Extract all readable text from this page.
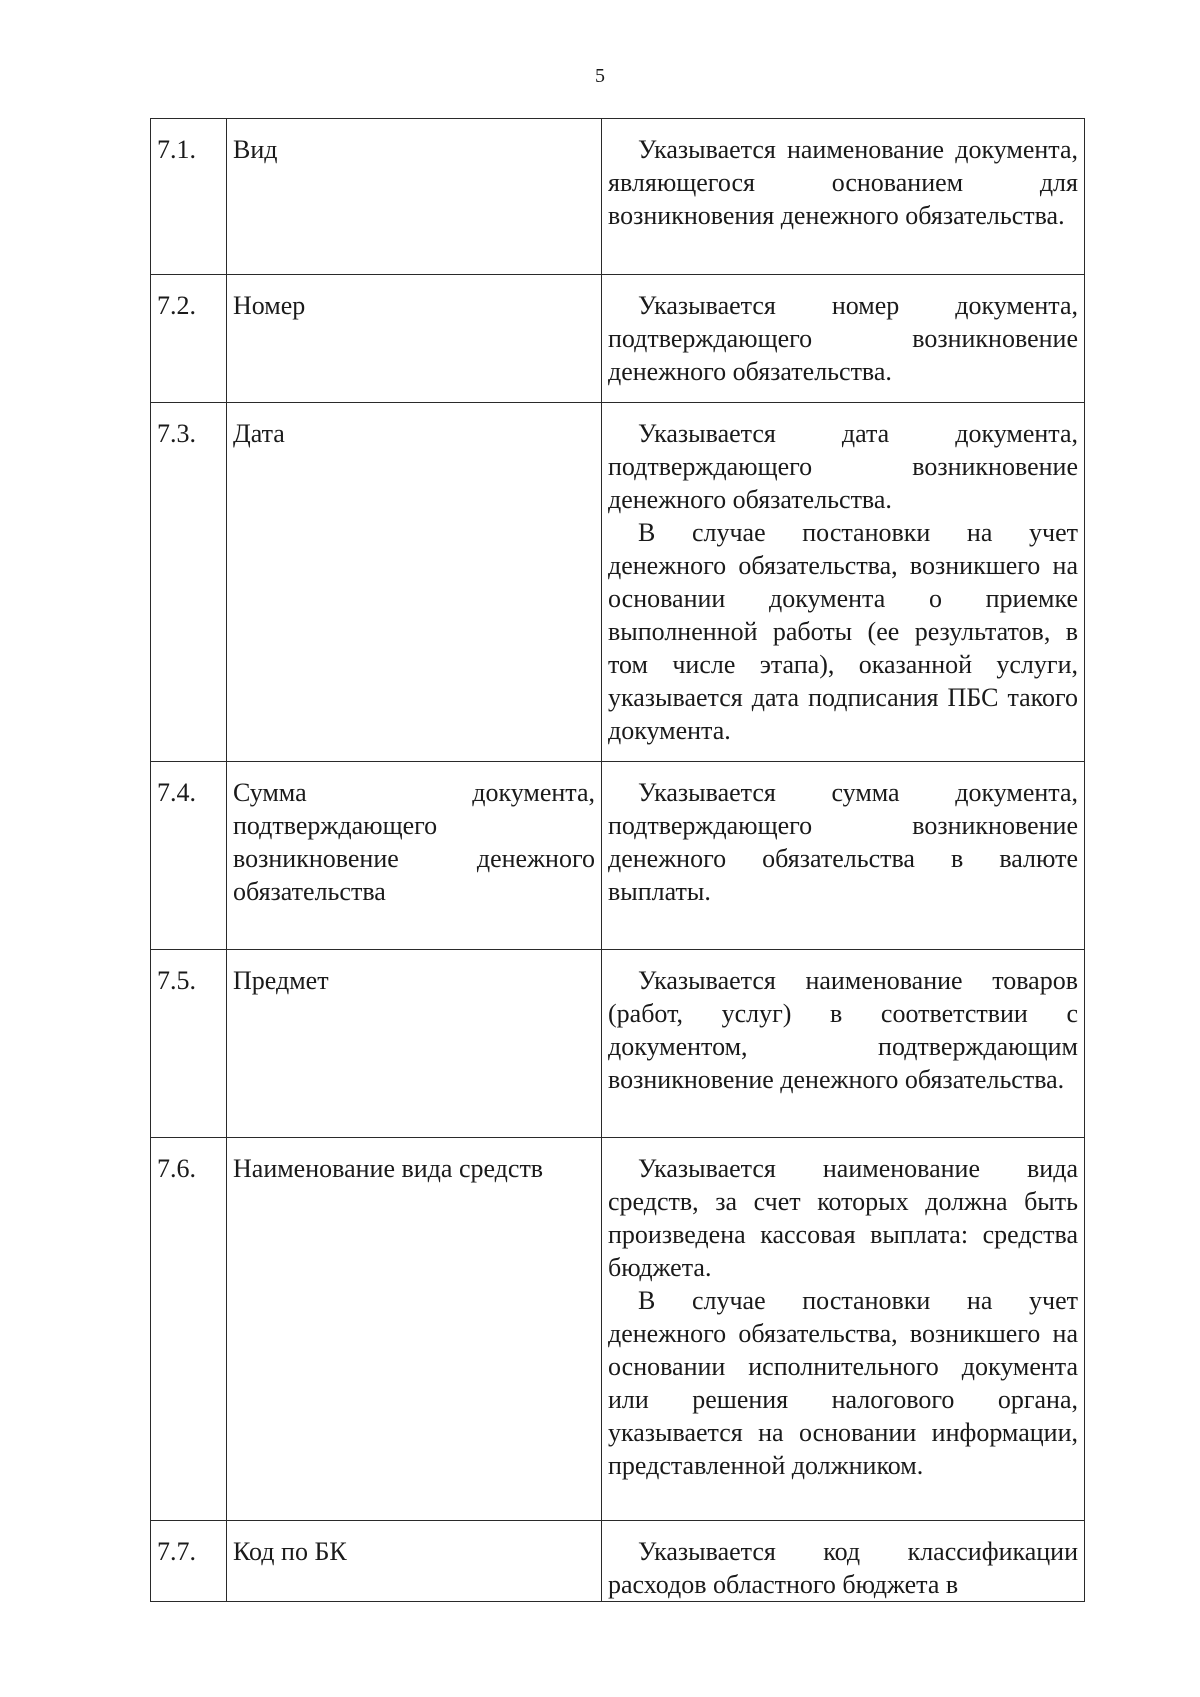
5
7.1.	Вид	Указывается наименование документа, являющегося основанием для возникновения денежного обязательства.

7.2.	Номер	Указывается номер документа, подтверждающего возникновение денежного обязательства.

7.3.	Дата	Указывается дата документа, подтверждающего возникновение денежного обязательства.

В случае постановки на учет денежного обязательства, возникшего на основании документа о приемке выполненной работы (ее результатов, в том числе этапа), оказанной услуги, указывается дата подписания ПБС такого документа.

7.4.	Сумма документа, подтверждающего возникновение денежного обязательства	Указывается сумма документа, подтверждающего возникновение денежного обязательства в валюте выплаты.

7.5.	Предмет	Указывается наименование товаров (работ, услуг) в соответствии с документом, подтверждающим возникновение денежного обязательства.

7.6.	Наименование вида средств	Указывается наименование вида средств, за счет которых должна быть произведена кассовая выплата: средства бюджета.

В случае постановки на учет денежного обязательства, возникшего на основании исполнительного документа или решения налогового органа, указывается на основании информации, представленной должником.

7.7.	Код по БК	Указывается код классификации расходов областного бюджета в
